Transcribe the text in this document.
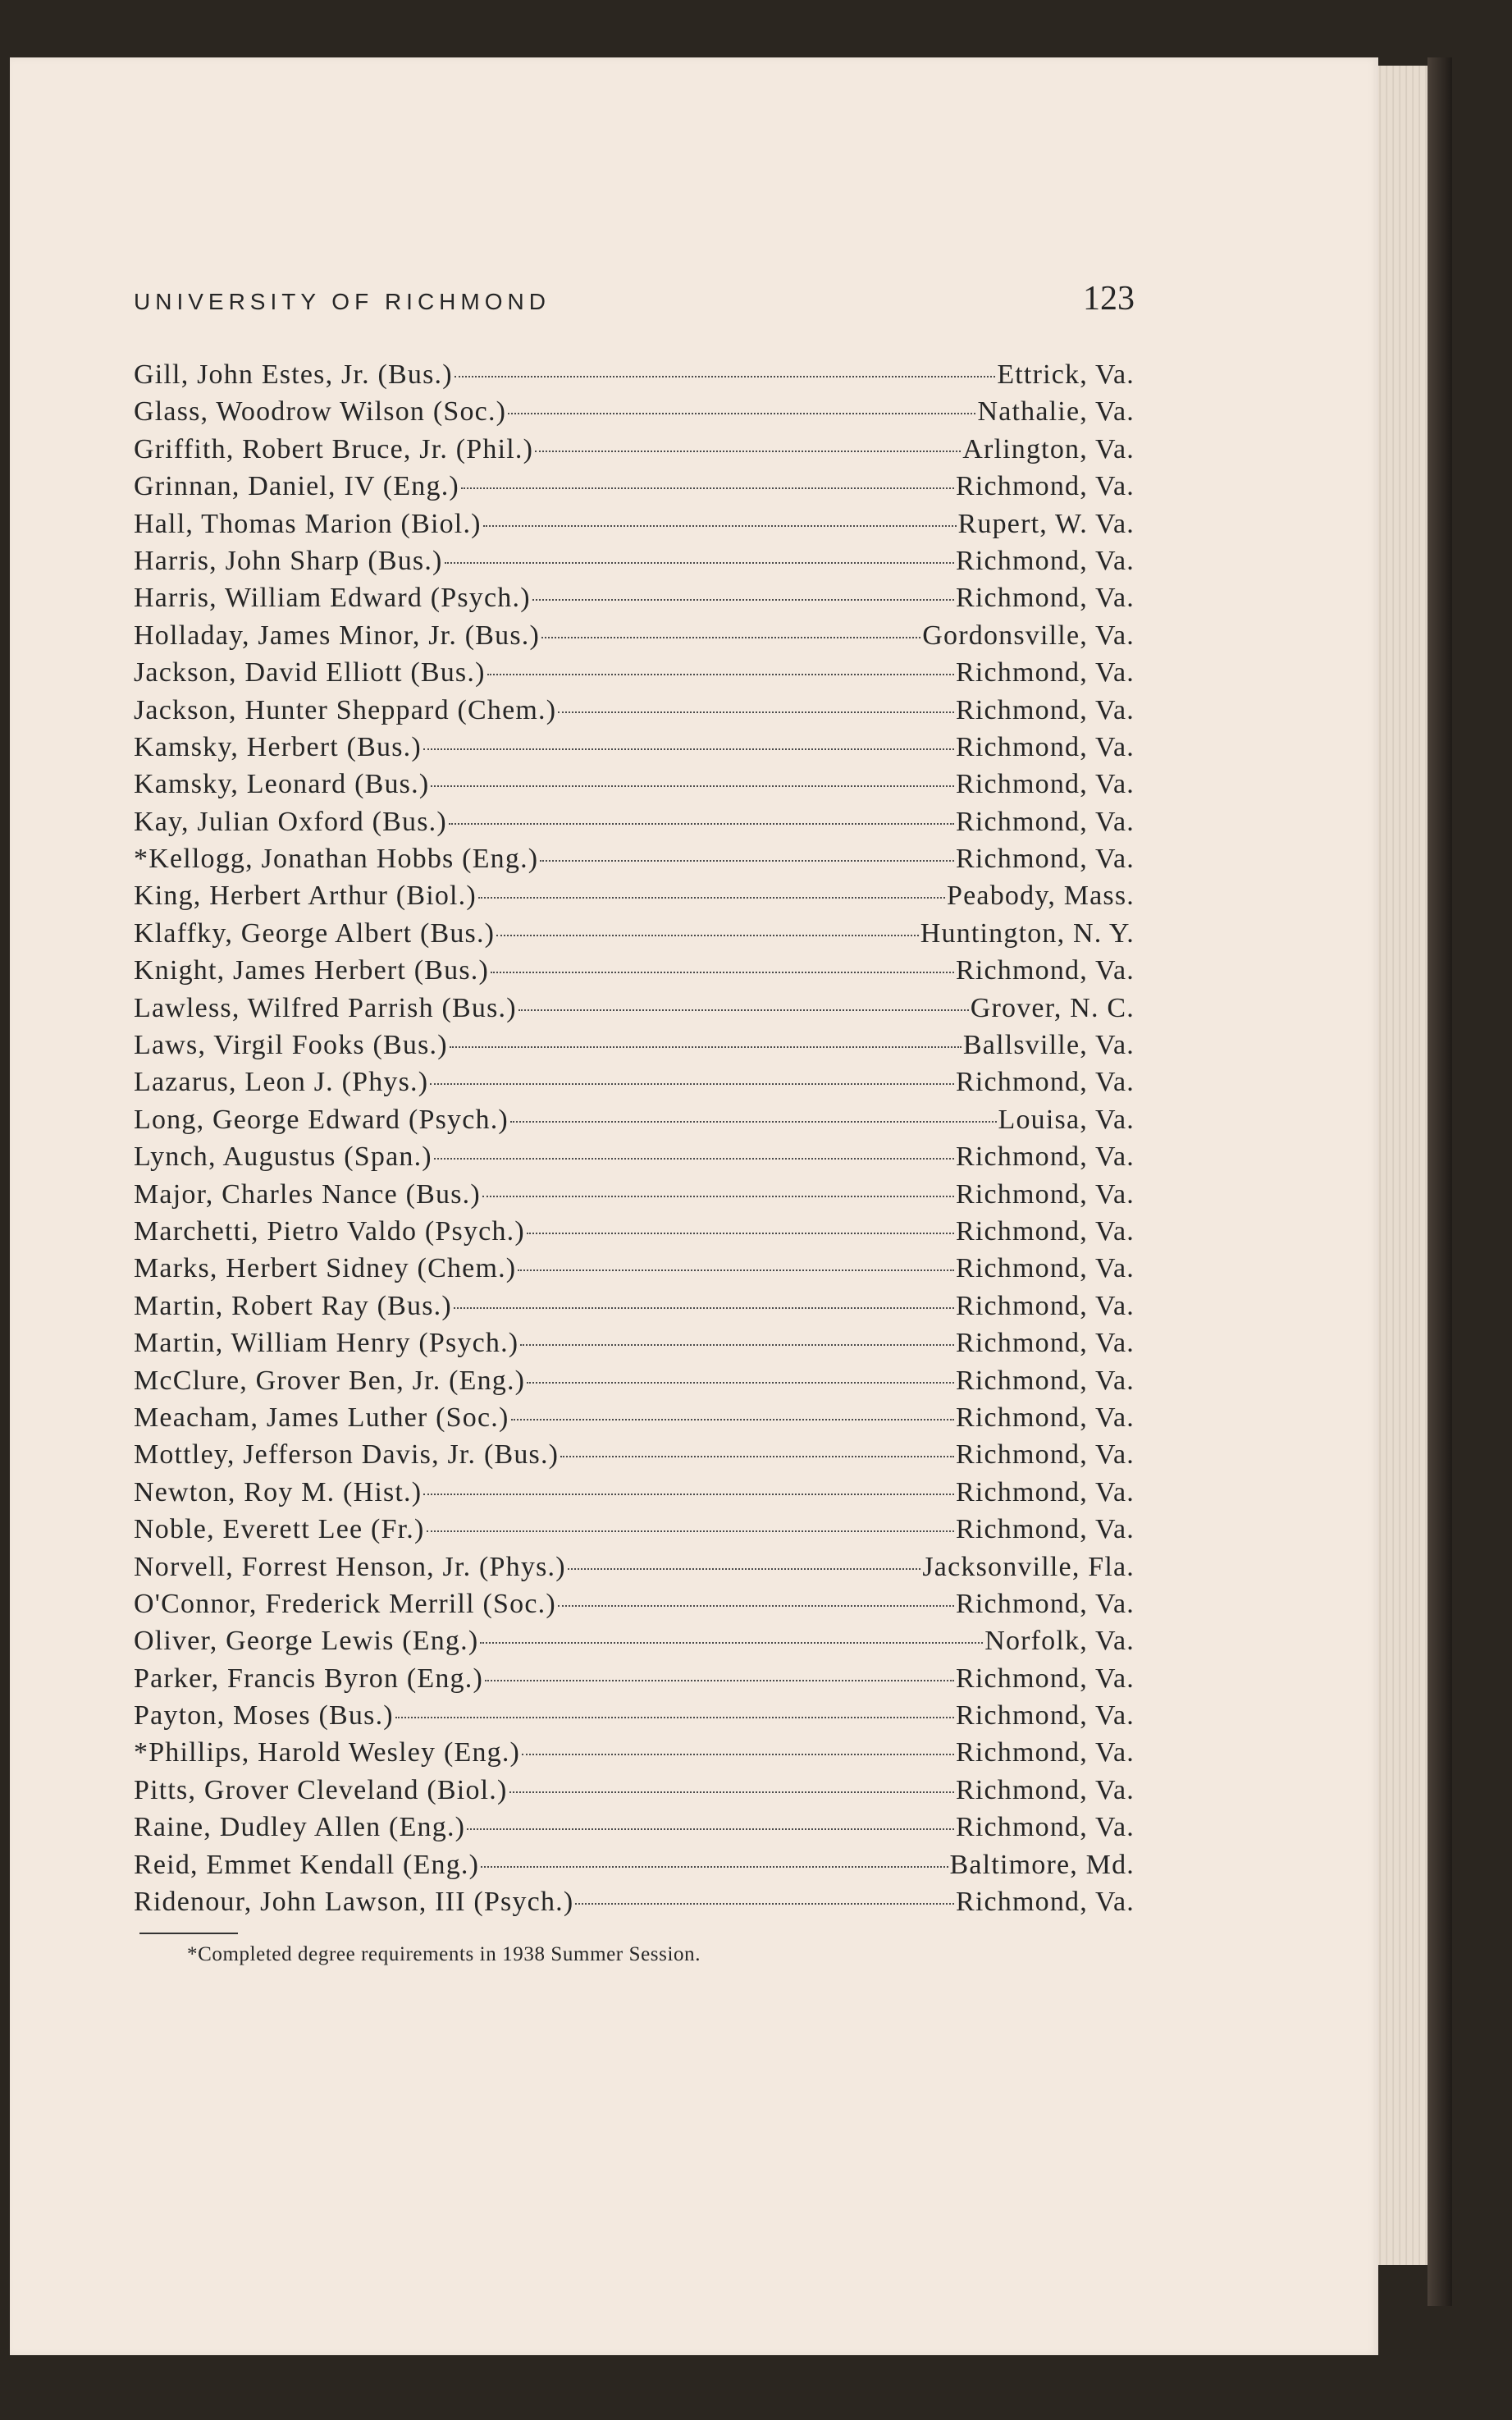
UNIVERSITY OF RICHMOND	123
Gill, John Estes, Jr. (Bus.)	Ettrick, Va.
Glass, Woodrow Wilson (Soc.)	Nathalie, Va.
Griffith, Robert Bruce, Jr. (Phil.)	Arlington, Va.
Grinnan, Daniel, IV (Eng.)	Richmond, Va.
Hall, Thomas Marion (Biol.)	Rupert, W. Va.
Harris, John Sharp (Bus.)	Richmond, Va.
Harris, William Edward (Psych.)	Richmond, Va.
Holladay, James Minor, Jr. (Bus.)	Gordonsville, Va.
Jackson, David Elliott (Bus.)	Richmond, Va.
Jackson, Hunter Sheppard (Chem.)	Richmond, Va.
Kamsky, Herbert (Bus.)	Richmond, Va.
Kamsky, Leonard (Bus.)	Richmond, Va.
Kay, Julian Oxford (Bus.)	Richmond, Va.
*Kellogg, Jonathan Hobbs (Eng.)	Richmond, Va.
King, Herbert Arthur (Biol.)	Peabody, Mass.
Klaffky, George Albert (Bus.)	Huntington, N. Y.
Knight, James Herbert (Bus.)	Richmond, Va.
Lawless, Wilfred Parrish (Bus.)	Grover, N. C.
Laws, Virgil Fooks (Bus.)	Ballsville, Va.
Lazarus, Leon J. (Phys.)	Richmond, Va.
Long, George Edward (Psych.)	Louisa, Va.
Lynch, Augustus (Span.)	Richmond, Va.
Major, Charles Nance (Bus.)	Richmond, Va.
Marchetti, Pietro Valdo (Psych.)	Richmond, Va.
Marks, Herbert Sidney (Chem.)	Richmond, Va.
Martin, Robert Ray (Bus.)	Richmond, Va.
Martin, William Henry (Psych.)	Richmond, Va.
McClure, Grover Ben, Jr. (Eng.)	Richmond, Va.
Meacham, James Luther (Soc.)	Richmond, Va.
Mottley, Jefferson Davis, Jr. (Bus.)	Richmond, Va.
Newton, Roy M. (Hist.)	Richmond, Va.
Noble, Everett Lee (Fr.)	Richmond, Va.
Norvell, Forrest Henson, Jr. (Phys.)	Jacksonville, Fla.
O'Connor, Frederick Merrill (Soc.)	Richmond, Va.
Oliver, George Lewis (Eng.)	Norfolk, Va.
Parker, Francis Byron (Eng.)	Richmond, Va.
Payton, Moses (Bus.)	Richmond, Va.
*Phillips, Harold Wesley (Eng.)	Richmond, Va.
Pitts, Grover Cleveland (Biol.)	Richmond, Va.
Raine, Dudley Allen (Eng.)	Richmond, Va.
Reid, Emmet Kendall (Eng.)	Baltimore, Md.
Ridenour, John Lawson, III (Psych.)	Richmond, Va.
*Completed degree requirements in 1938 Summer Session.
